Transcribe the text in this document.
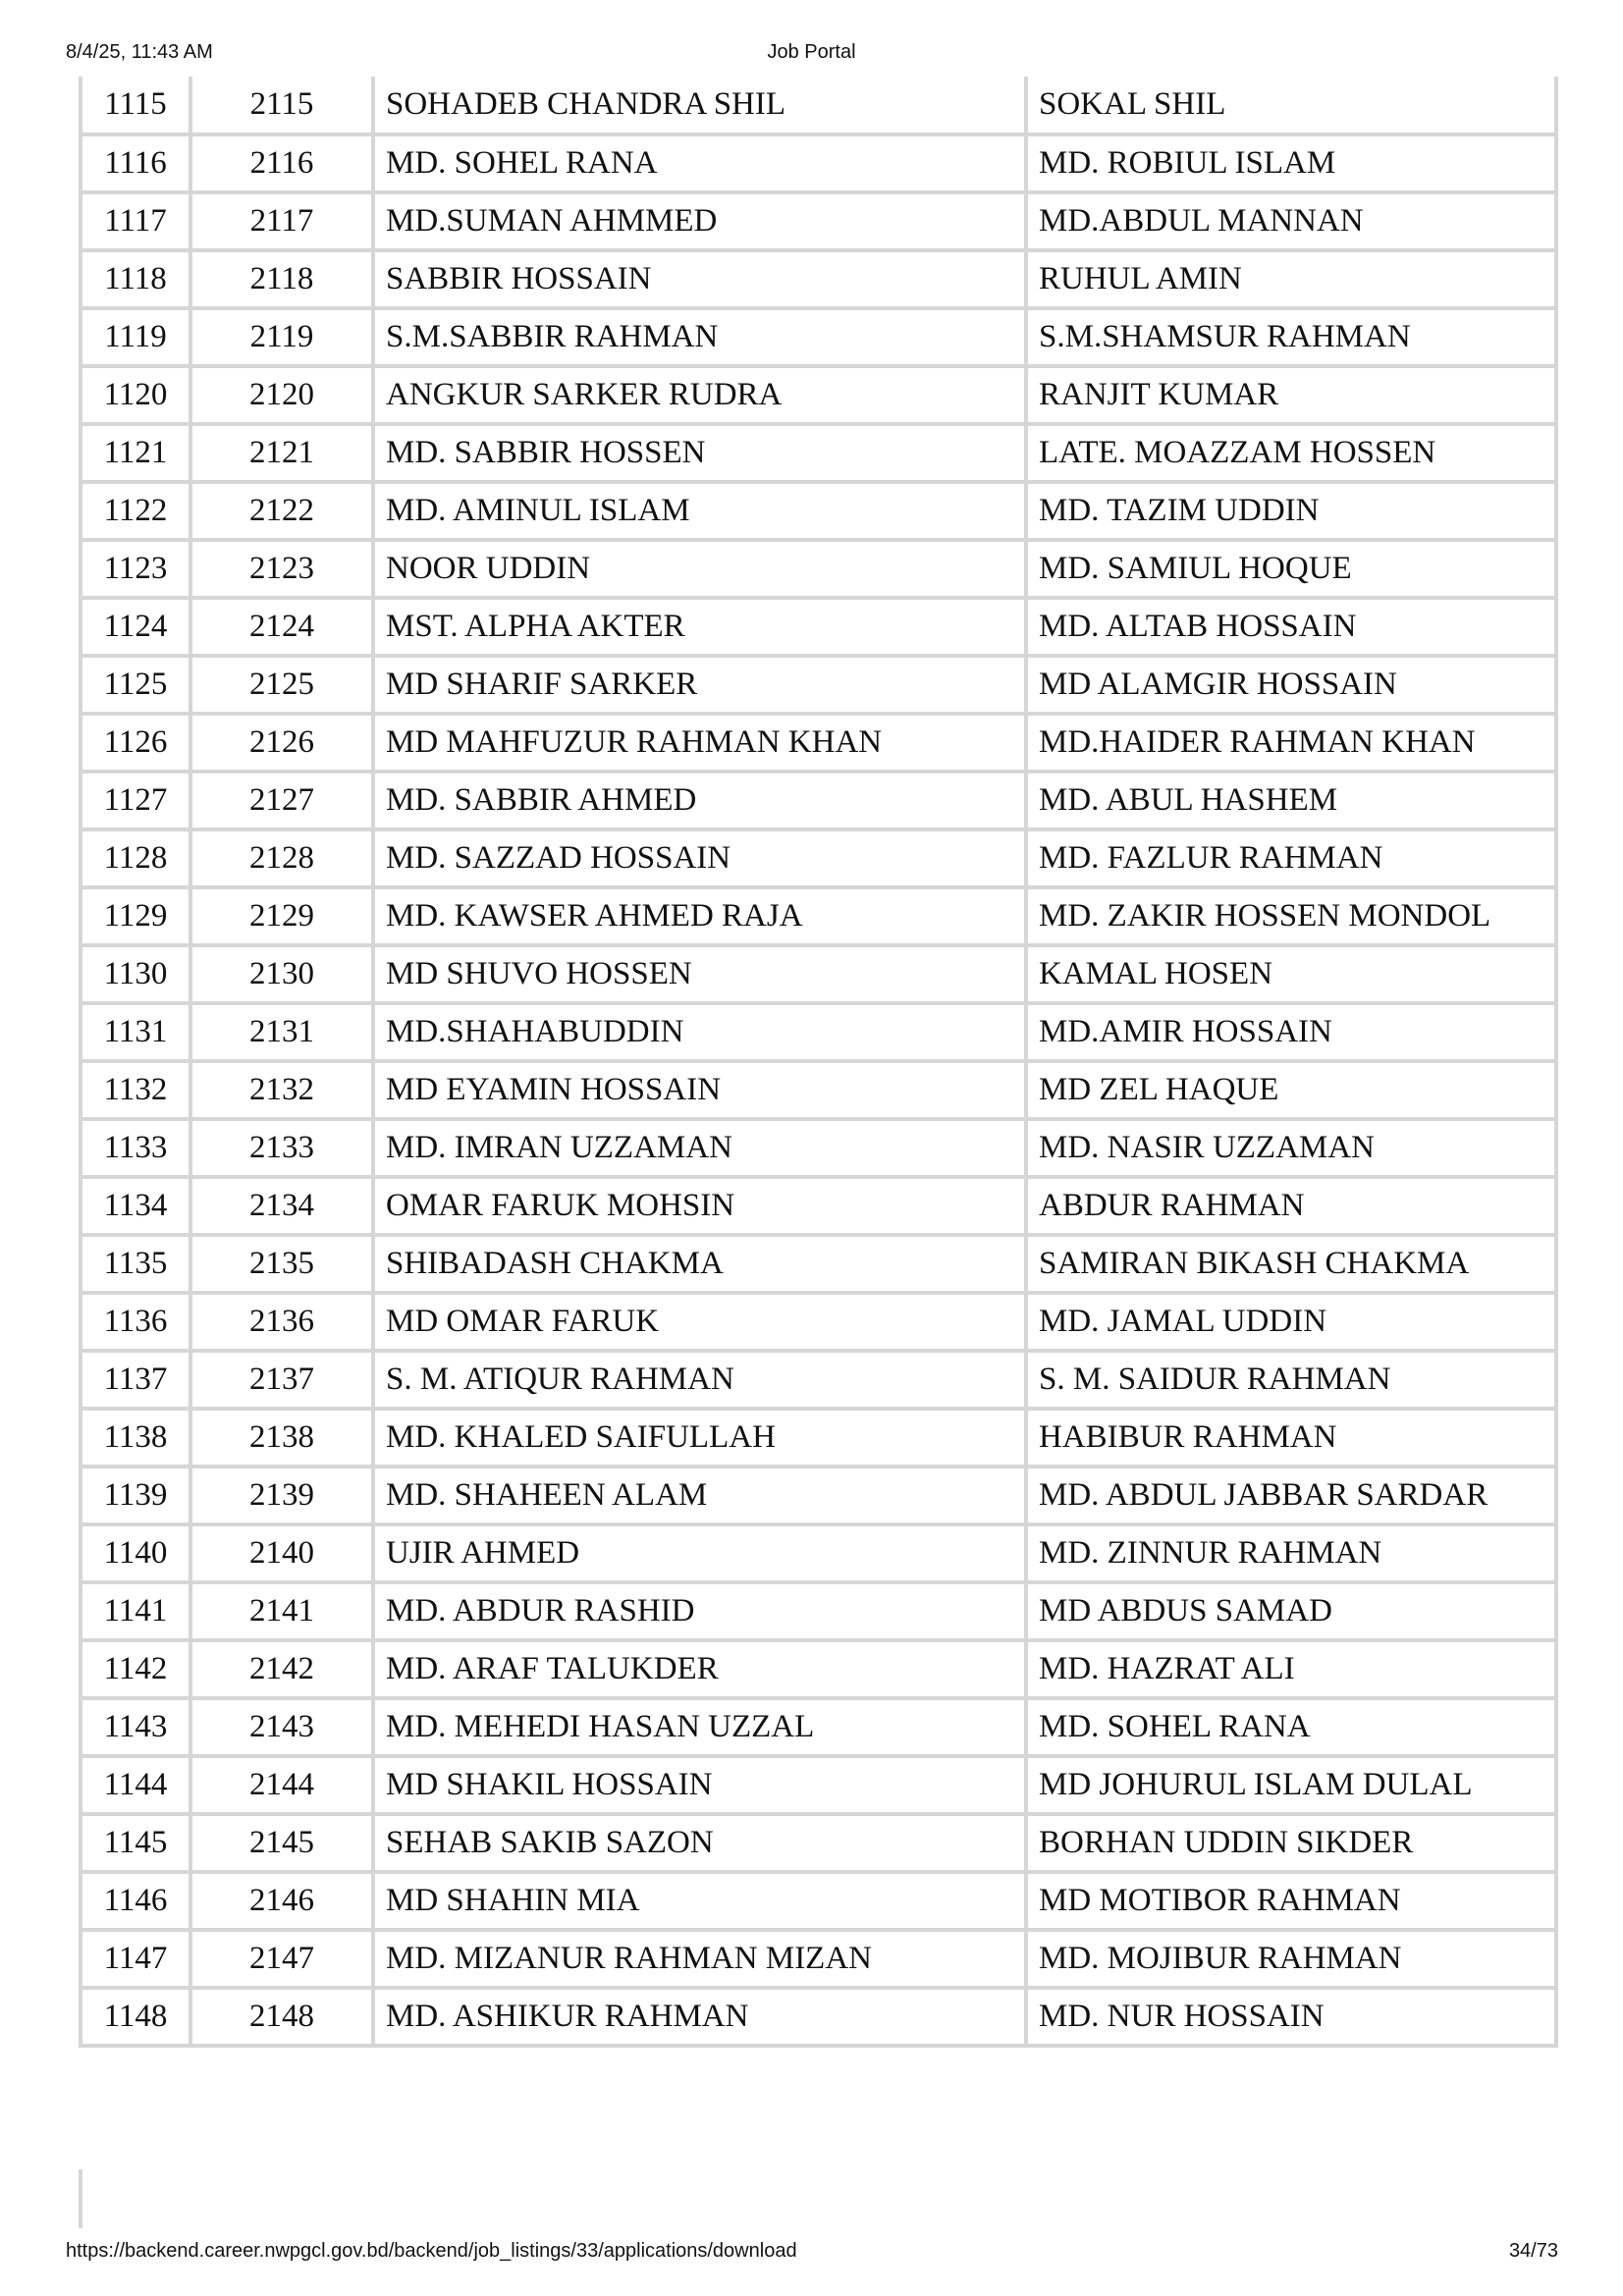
8/4/25, 11:43 AM	Job Portal
1115	2115	SOHADEB CHANDRA SHIL	SOKAL SHIL
1116	2116	MD. SOHEL RANA	MD. ROBIUL ISLAM
1117	2117	MD.SUMAN AHMMED	MD.ABDUL MANNAN
1118	2118	SABBIR HOSSAIN	RUHUL AMIN
1119	2119	S.M.SABBIR RAHMAN	S.M.SHAMSUR RAHMAN
1120	2120	ANGKUR SARKER RUDRA	RANJIT KUMAR
1121	2121	MD. SABBIR HOSSEN	LATE. MOAZZAM HOSSEN
1122	2122	MD. AMINUL ISLAM	MD. TAZIM UDDIN
1123	2123	NOOR UDDIN	MD. SAMIUL HOQUE
1124	2124	MST. ALPHA AKTER	MD. ALTAB HOSSAIN
1125	2125	MD SHARIF SARKER	MD ALAMGIR HOSSAIN
1126	2126	MD MAHFUZUR RAHMAN KHAN	MD.HAIDER RAHMAN KHAN
1127	2127	MD. SABBIR AHMED	MD. ABUL HASHEM
1128	2128	MD. SAZZAD HOSSAIN	MD. FAZLUR RAHMAN
1129	2129	MD. KAWSER AHMED RAJA	MD. ZAKIR HOSSEN MONDOL
1130	2130	MD SHUVO HOSSEN	KAMAL HOSEN
1131	2131	MD.SHAHABUDDIN	MD.AMIR HOSSAIN
1132	2132	MD EYAMIN HOSSAIN	MD ZEL HAQUE
1133	2133	MD. IMRAN UZZAMAN	MD. NASIR UZZAMAN
1134	2134	OMAR FARUK MOHSIN	ABDUR RAHMAN
1135	2135	SHIBADASH CHAKMA	SAMIRAN BIKASH CHAKMA
1136	2136	MD OMAR FARUK	MD. JAMAL UDDIN
1137	2137	S. M. ATIQUR RAHMAN	S. M. SAIDUR RAHMAN
1138	2138	MD. KHALED SAIFULLAH	HABIBUR RAHMAN
1139	2139	MD. SHAHEEN ALAM	MD. ABDUL JABBAR SARDAR
1140	2140	UJIR AHMED	MD. ZINNUR RAHMAN
1141	2141	MD. ABDUR RASHID	MD ABDUS SAMAD
1142	2142	MD. ARAF TALUKDER	MD. HAZRAT ALI
1143	2143	MD. MEHEDI HASAN UZZAL	MD. SOHEL RANA
1144	2144	MD SHAKIL HOSSAIN	MD JOHURUL ISLAM DULAL
1145	2145	SEHAB SAKIB SAZON	BORHAN UDDIN SIKDER
1146	2146	MD SHAHIN MIA	MD MOTIBOR RAHMAN
1147	2147	MD. MIZANUR RAHMAN MIZAN	MD. MOJIBUR RAHMAN
1148	2148	MD. ASHIKUR RAHMAN	MD. NUR HOSSAIN
https://backend.career.nwpgcl.gov.bd/backend/job_listings/33/applications/download	34/73
